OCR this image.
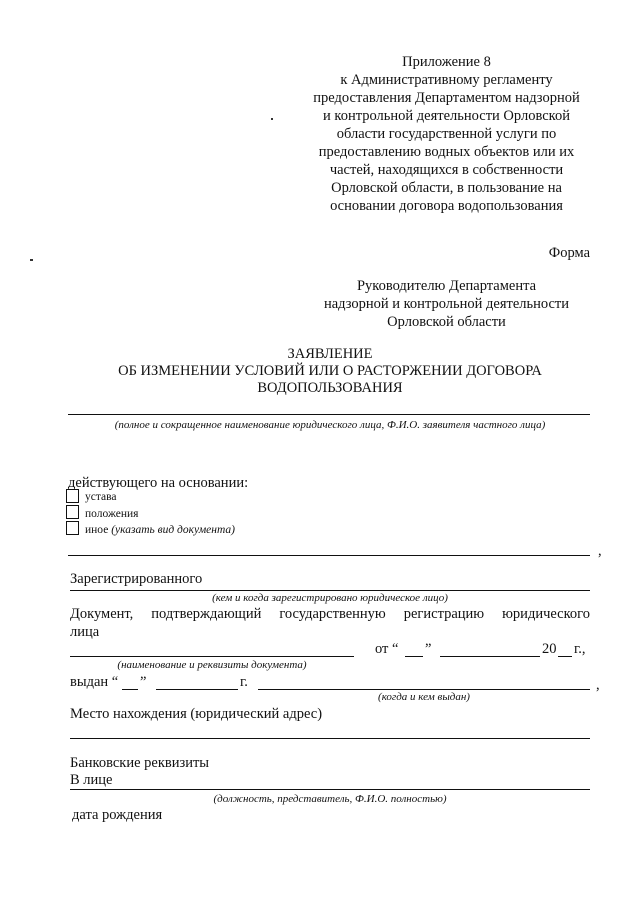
Приложение 8
к Административному регламенту
предоставления Департаментом надзорной
и контрольной деятельности Орловской
области государственной услуги по
предоставлению водных объектов или их
частей, находящихся в собственности
Орловской области, в пользование на
основании договора водопользования
Форма
Руководителю Департамента
надзорной и контрольной деятельности
Орловской области
ЗАЯВЛЕНИЕ
ОБ ИЗМЕНЕНИИ УСЛОВИЙ ИЛИ О РАСТОРЖЕНИИ ДОГОВОРА
ВОДОПОЛЬЗОВАНИЯ
(полное и сокращенное наименование юридического лица, Ф.И.О. заявителя частного лица)
действующего на основании:
устава
положения
иное (указать вид документа)
,
Зарегистрированного
(кем и когда зарегистрировано юридическое лицо)
Документ, подтверждающий государственную регистрацию юридического
лица
от “ ”	20 г.,
(наименование и реквизиты документа)
выдан “ ”	г.	,
(когда и кем выдан)
Место нахождения (юридический адрес)
Банковские реквизиты
В лице
(должность, представитель, Ф.И.О. полностью)
дата рождения
